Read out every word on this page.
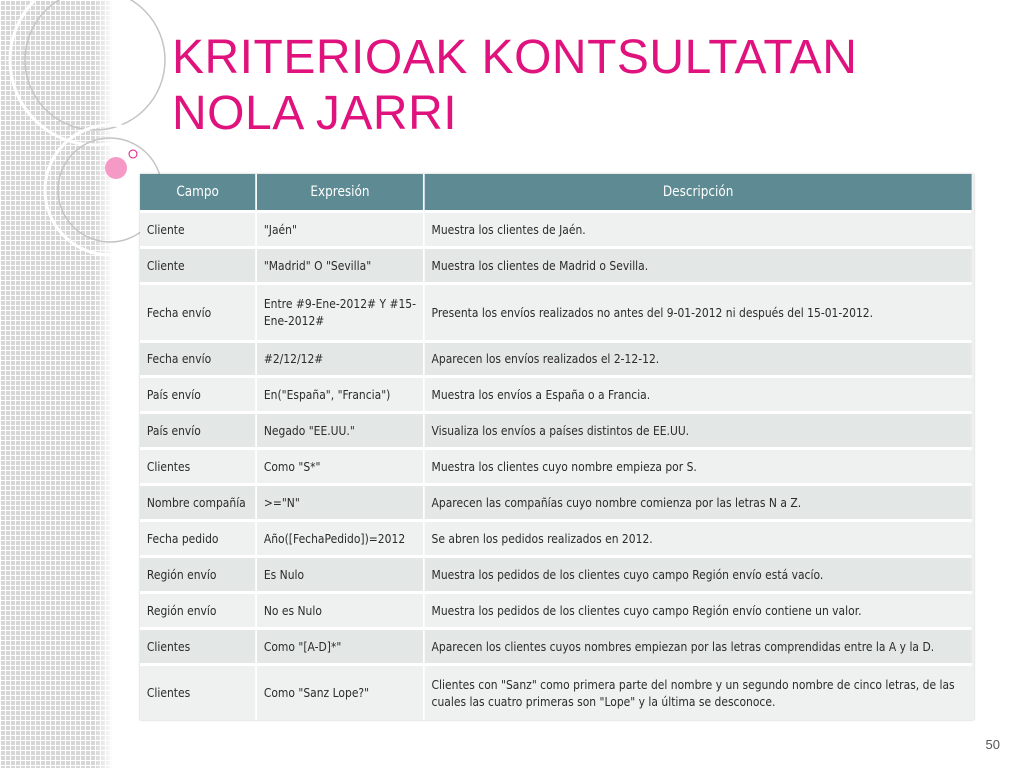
KRITERIOAK KONTSULTATAN NOLA JARRI
Campo	Expresión	Descripción
Cliente	"Jaén"	Muestra los clientes de Jaén.
Cliente	"Madrid" O "Sevilla"	Muestra los clientes de Madrid o Sevilla.
Fecha envío	Entre #9-Ene-2012# Y #15-Ene-2012#	Presenta los envíos realizados no antes del 9-01-2012 ni después del 15-01-2012.
Fecha envío	#2/12/12#	Aparecen los envíos realizados el 2-12-12.
País envío	En("España", "Francia")	Muestra los envíos a España o a Francia.
País envío	Negado "EE.UU."	Visualiza los envíos a países distintos de EE.UU.
Clientes	Como "S*"	Muestra los clientes cuyo nombre empieza por S.
Nombre compañía	>="N"	Aparecen las compañías cuyo nombre comienza por las letras N a Z.
Fecha pedido	Año([FechaPedido])=2012	Se abren los pedidos realizados en 2012.
Región envío	Es Nulo	Muestra los pedidos de los clientes cuyo campo Región envío está vacío.
Región envío	No es Nulo	Muestra los pedidos de los clientes cuyo campo Región envío contiene un valor.
Clientes	Como "[A-D]*"	Aparecen los clientes cuyos nombres empiezan por las letras comprendidas entre la A y la D.
Clientes	Como "Sanz Lope?"	Clientes con "Sanz" como primera parte del nombre y un segundo nombre de cinco letras, de las cuales las cuatro primeras son "Lope" y la última se desconoce.
50
